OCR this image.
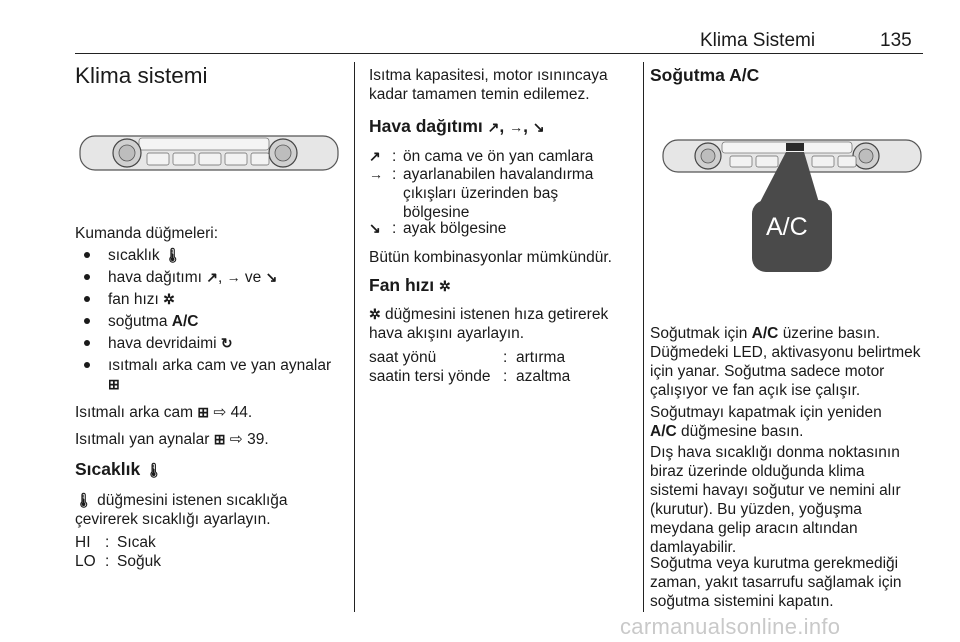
Klima Sistemi	135
Klima sistemi
Kumanda düğmeleri:
sıcaklık 🌡
hava dağıtımı ↗, → ve ↘
fan hızı ✲
soğutma A/C
hava devridaimi ↻
ısıtmalı arka cam ve yan aynalar
⊞
Isıtmalı arka cam ⊞ ⇨ 44.
Isıtmalı yan aynalar ⊞ ⇨ 39.
Sıcaklık 🌡
🌡 düğmesini istenen sıcaklığa çevirerek sıcaklığı ayarlayın.
HI : Sıcak
LO : Soğuk
Isıtma kapasitesi, motor ısınıncaya kadar tamamen temin edilemez.
Hava dağıtımı ↗, →, ↘
↗ : ön cama ve ön yan camlara
→ : ayarlanabilen havalandırma çıkışları üzerinden baş bölgesine
↘ : ayak bölgesine
Bütün kombinasyonlar mümkündür.
Fan hızı ✲
✲ düğmesini istenen hıza getirerek hava akışını ayarlayın.
saat yönü	: artırma
saatin tersi yönde : azaltma
Soğutma A/C
A/C
Soğutmak için A/C üzerine basın. Düğmedeki LED, aktivasyonu belirtmek için yanar. Soğutma sadece motor çalışıyor ve fan açık ise çalışır.
Soğutmayı kapatmak için yeniden A/C düğmesine basın.
Dış hava sıcaklığı donma noktasının biraz üzerinde olduğunda klima sistemi havayı soğutur ve nemini alır (kurutur). Bu yüzden, yoğuşma meydana gelip aracın altından damlayabilir.
Soğutma veya kurutma gerekmediği zaman, yakıt tasarrufu sağlamak için soğutma sistemini kapatın.
carmanualsonline.info
